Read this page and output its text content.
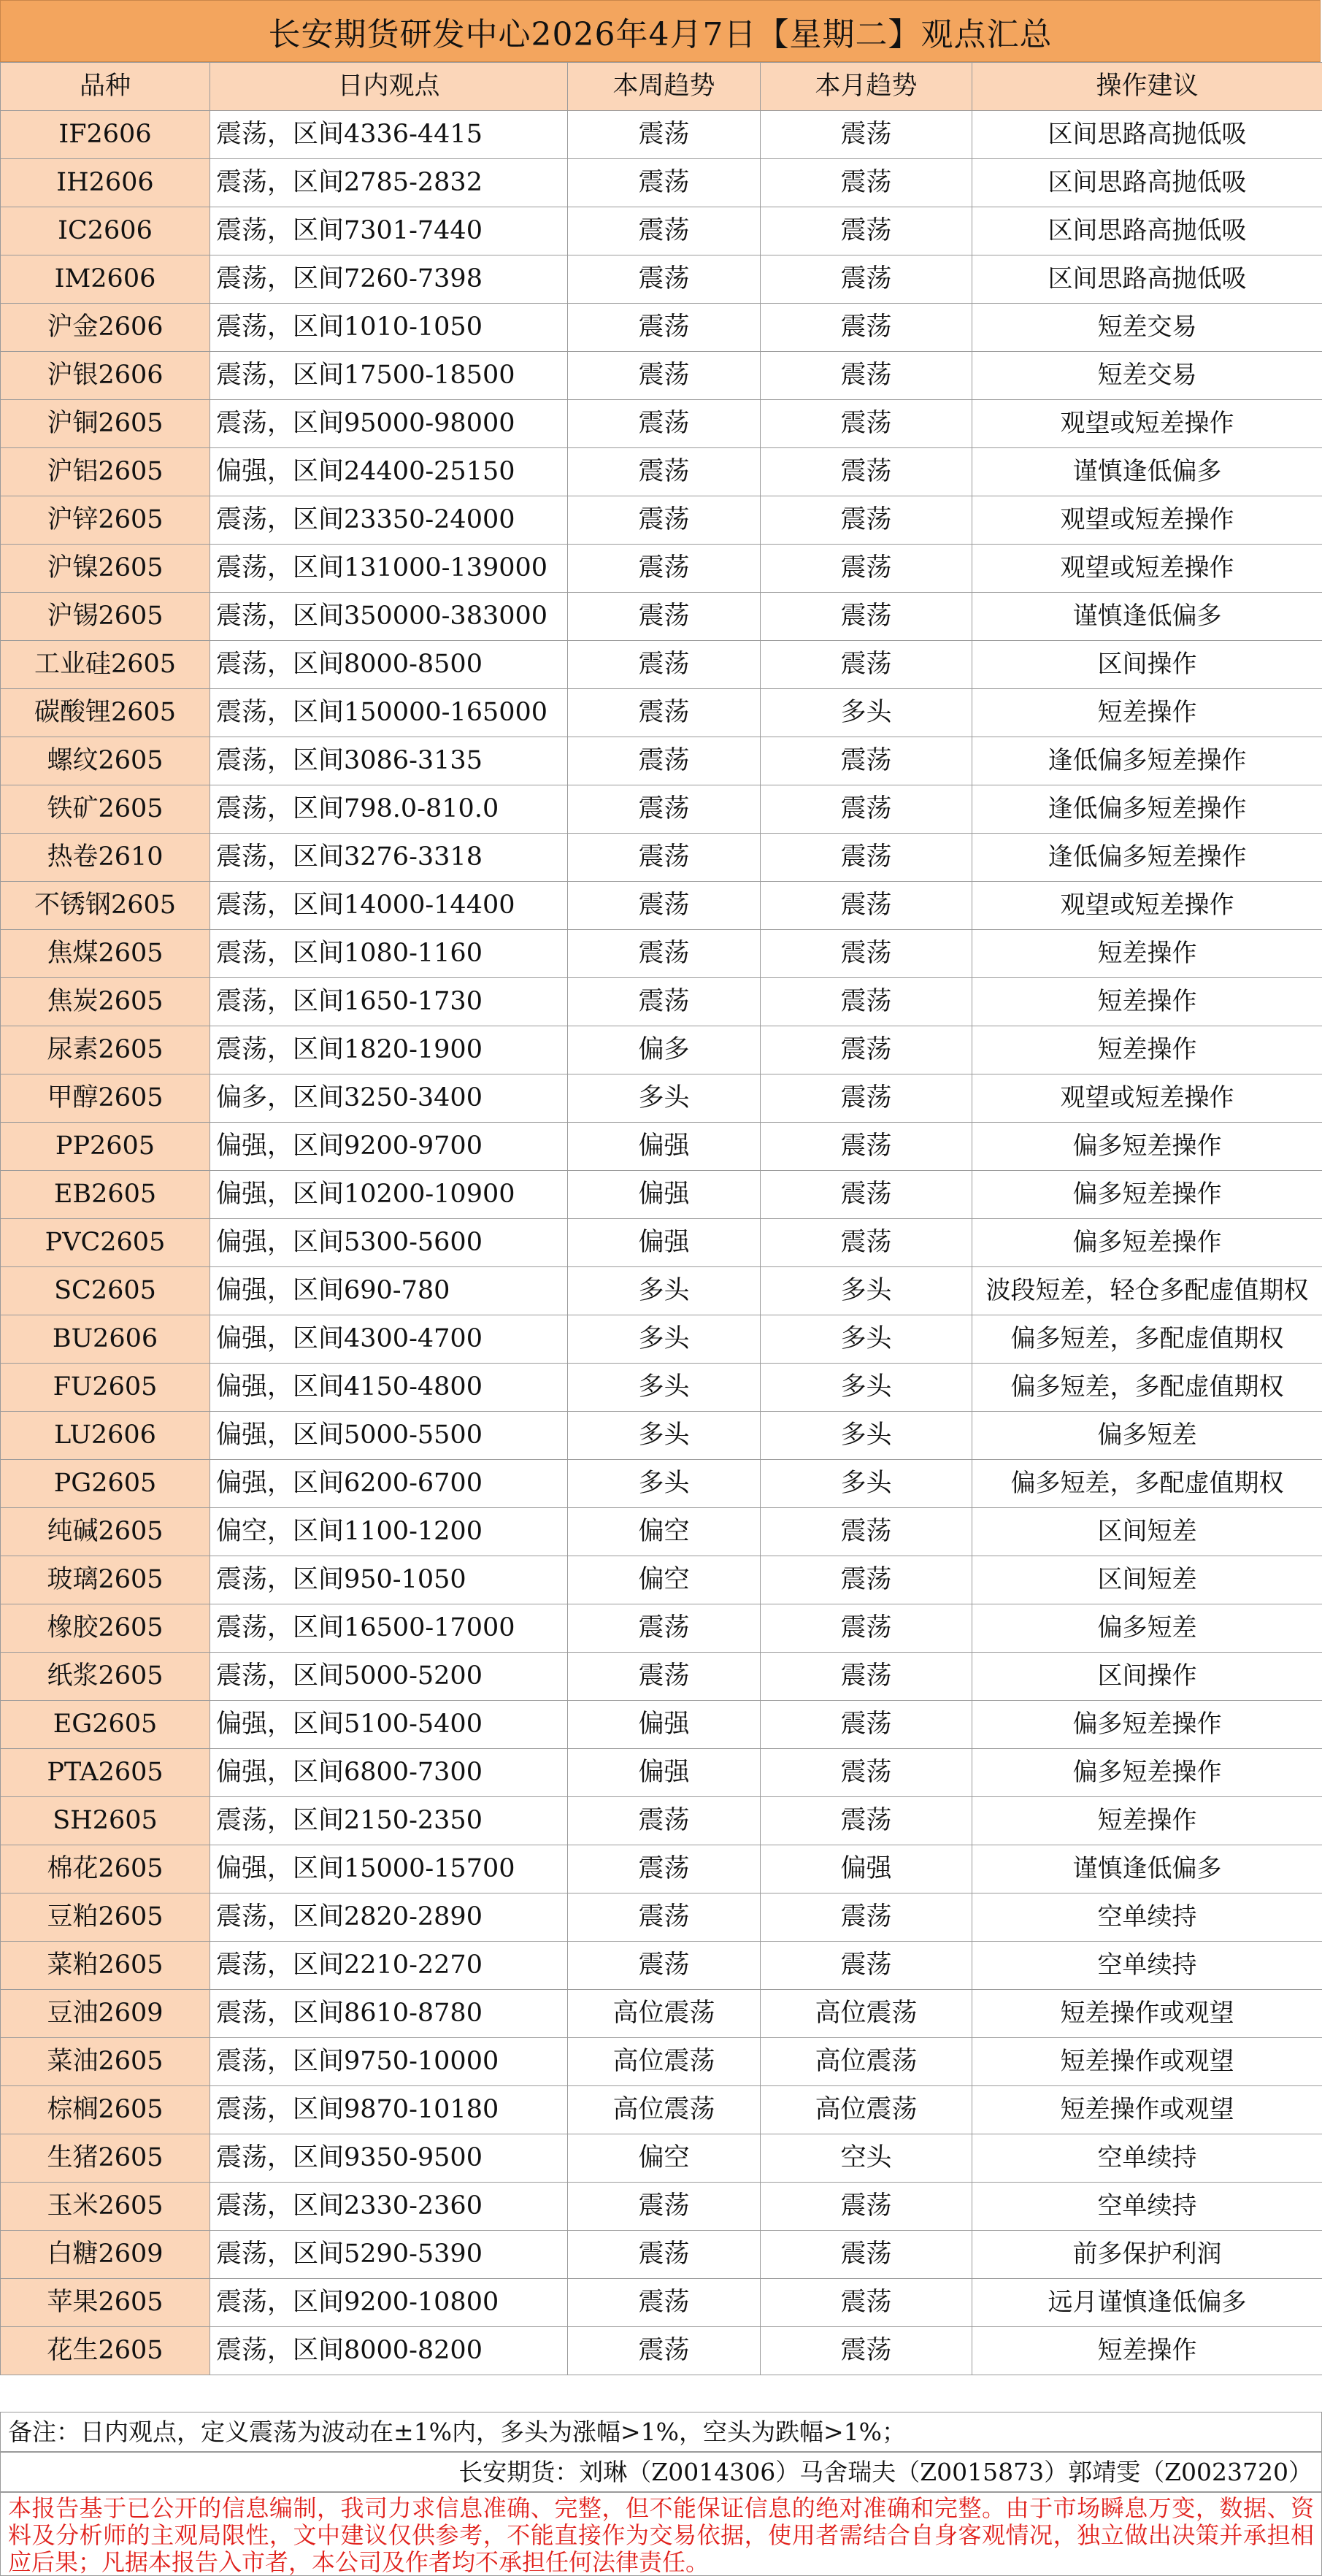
长安期货研发中心2026年4月7日【星期二】观点汇总
品种	日内观点	本周趋势	本月趋势	操作建议
IF2606	震荡，区间4336-4415	震荡	震荡	区间思路高抛低吸
IH2606	震荡，区间2785-2832	震荡	震荡	区间思路高抛低吸
IC2606	震荡，区间7301-7440	震荡	震荡	区间思路高抛低吸
IM2606	震荡，区间7260-7398	震荡	震荡	区间思路高抛低吸
沪金2606	震荡，区间1010-1050	震荡	震荡	短差交易
沪银2606	震荡，区间17500-18500	震荡	震荡	短差交易
沪铜2605	震荡，区间95000-98000	震荡	震荡	观望或短差操作
沪铝2605	偏强，区间24400-25150	震荡	震荡	谨慎逢低偏多
沪锌2605	震荡，区间23350-24000	震荡	震荡	观望或短差操作
沪镍2605	震荡，区间131000-139000	震荡	震荡	观望或短差操作
沪锡2605	震荡，区间350000-383000	震荡	震荡	谨慎逢低偏多
工业硅2605	震荡，区间8000-8500	震荡	震荡	区间操作
碳酸锂2605	震荡，区间150000-165000	震荡	多头	短差操作
螺纹2605	震荡，区间3086-3135	震荡	震荡	逢低偏多短差操作
铁矿2605	震荡，区间798.0-810.0	震荡	震荡	逢低偏多短差操作
热卷2610	震荡，区间3276-3318	震荡	震荡	逢低偏多短差操作
不锈钢2605	震荡，区间14000-14400	震荡	震荡	观望或短差操作
焦煤2605	震荡，区间1080-1160	震荡	震荡	短差操作
焦炭2605	震荡，区间1650-1730	震荡	震荡	短差操作
尿素2605	震荡，区间1820-1900	偏多	震荡	短差操作
甲醇2605	偏多，区间3250-3400	多头	震荡	观望或短差操作
PP2605	偏强，区间9200-9700	偏强	震荡	偏多短差操作
EB2605	偏强，区间10200-10900	偏强	震荡	偏多短差操作
PVC2605	偏强，区间5300-5600	偏强	震荡	偏多短差操作
SC2605	偏强，区间690-780	多头	多头	波段短差，轻仓多配虚值期权
BU2606	偏强，区间4300-4700	多头	多头	偏多短差，多配虚值期权
FU2605	偏强，区间4150-4800	多头	多头	偏多短差，多配虚值期权
LU2606	偏强，区间5000-5500	多头	多头	偏多短差
PG2605	偏强，区间6200-6700	多头	多头	偏多短差，多配虚值期权
纯碱2605	偏空，区间1100-1200	偏空	震荡	区间短差
玻璃2605	震荡，区间950-1050	偏空	震荡	区间短差
橡胶2605	震荡，区间16500-17000	震荡	震荡	偏多短差
纸浆2605	震荡，区间5000-5200	震荡	震荡	区间操作
EG2605	偏强，区间5100-5400	偏强	震荡	偏多短差操作
PTA2605	偏强，区间6800-7300	偏强	震荡	偏多短差操作
SH2605	震荡，区间2150-2350	震荡	震荡	短差操作
棉花2605	偏强，区间15000-15700	震荡	偏强	谨慎逢低偏多
豆粕2605	震荡，区间2820-2890	震荡	震荡	空单续持
菜粕2605	震荡，区间2210-2270	震荡	震荡	空单续持
豆油2609	震荡，区间8610-8780	高位震荡	高位震荡	短差操作或观望
菜油2605	震荡，区间9750-10000	高位震荡	高位震荡	短差操作或观望
棕榈2605	震荡，区间9870-10180	高位震荡	高位震荡	短差操作或观望
生猪2605	震荡，区间9350-9500	偏空	空头	空单续持
玉米2605	震荡，区间2330-2360	震荡	震荡	空单续持
白糖2609	震荡，区间5290-5390	震荡	震荡	前多保护利润
苹果2605	震荡，区间9200-10800	震荡	震荡	远月谨慎逢低偏多
花生2605	震荡，区间8000-8200	震荡	震荡	短差操作
备注：日内观点，定义震荡为波动在±1%内，多头为涨幅>1%，空头为跌幅>1%；
长安期货：刘琳（Z0014306）马舍瑞夫（Z0015873）郭靖雯（Z0023720）
本报告基于已公开的信息编制，我司力求信息准确、完整，但不能保证信息的绝对准确和完整。由于市场瞬息万变，数据、资料及分析师的主观局限性，文中建议仅供参考，不能直接作为交易依据，使用者需结合自身客观情况，独立做出决策并承担相应后果；凡据本报告入市者，本公司及作者均不承担任何法律责任。
